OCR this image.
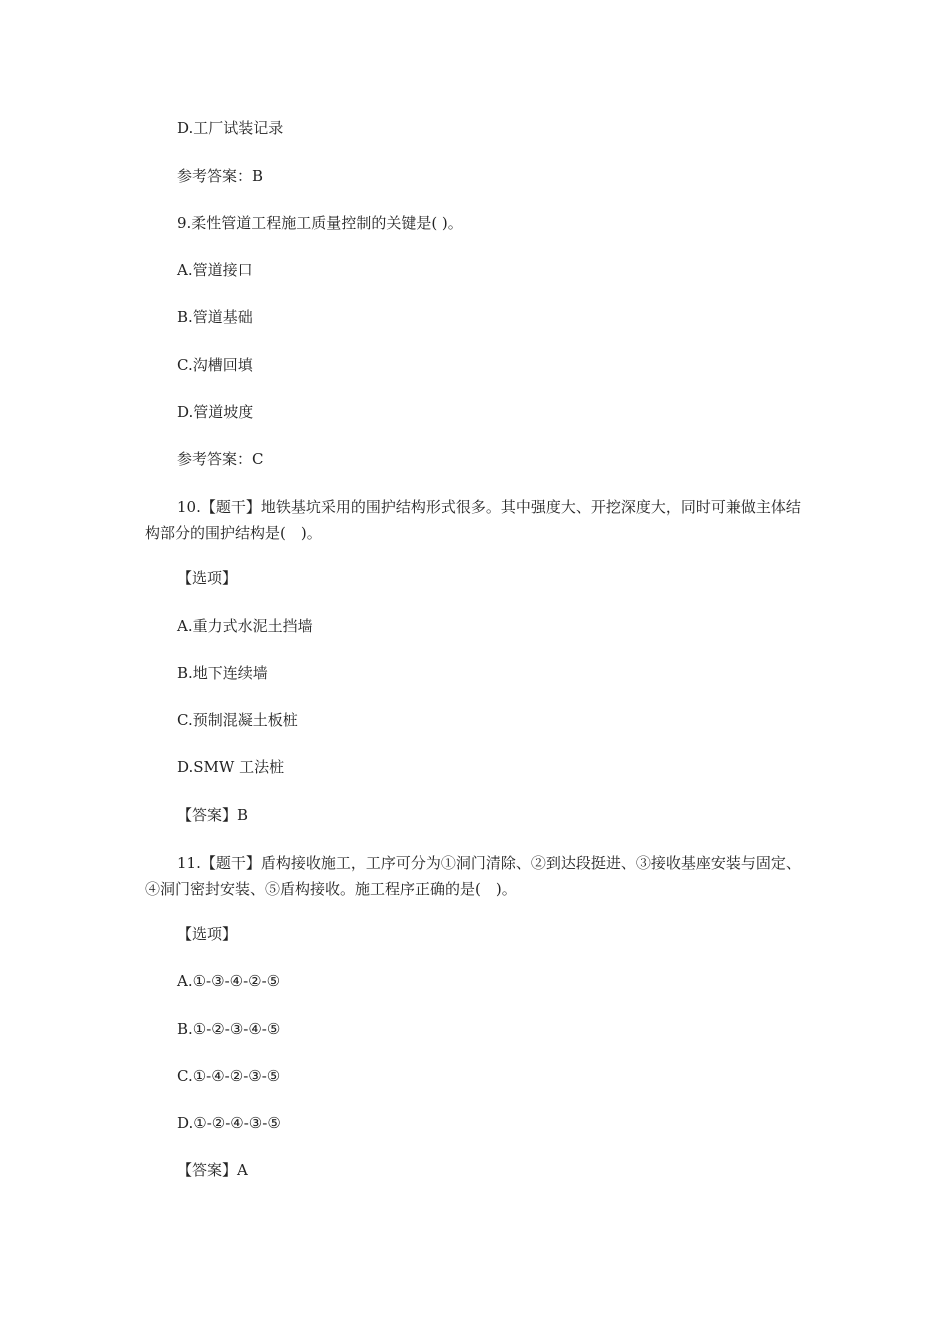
D.工厂试装记录
参考答案：B
9.柔性管道工程施工质量控制的关键是( )。
A.管道接口
B.管道基础
C.沟槽回填
D.管道坡度
参考答案：C
10.【题干】地铁基坑采用的围护结构形式很多。其中强度大、开挖深度大，同时可兼做主体结构部分的围护结构是(　)。
【选项】
A.重力式水泥土挡墙
B.地下连续墙
C.预制混凝土板桩
D.SMW 工法桩
【答案】B
11.【题干】盾构接收施工，工序可分为①洞门清除、②到达段挺进、③接收基座安装与固定、④洞门密封安装、⑤盾构接收。施工程序正确的是(　)。
【选项】
A.①-③-④-②-⑤
B.①-②-③-④-⑤
C.①-④-②-③-⑤
D.①-②-④-③-⑤
【答案】A
